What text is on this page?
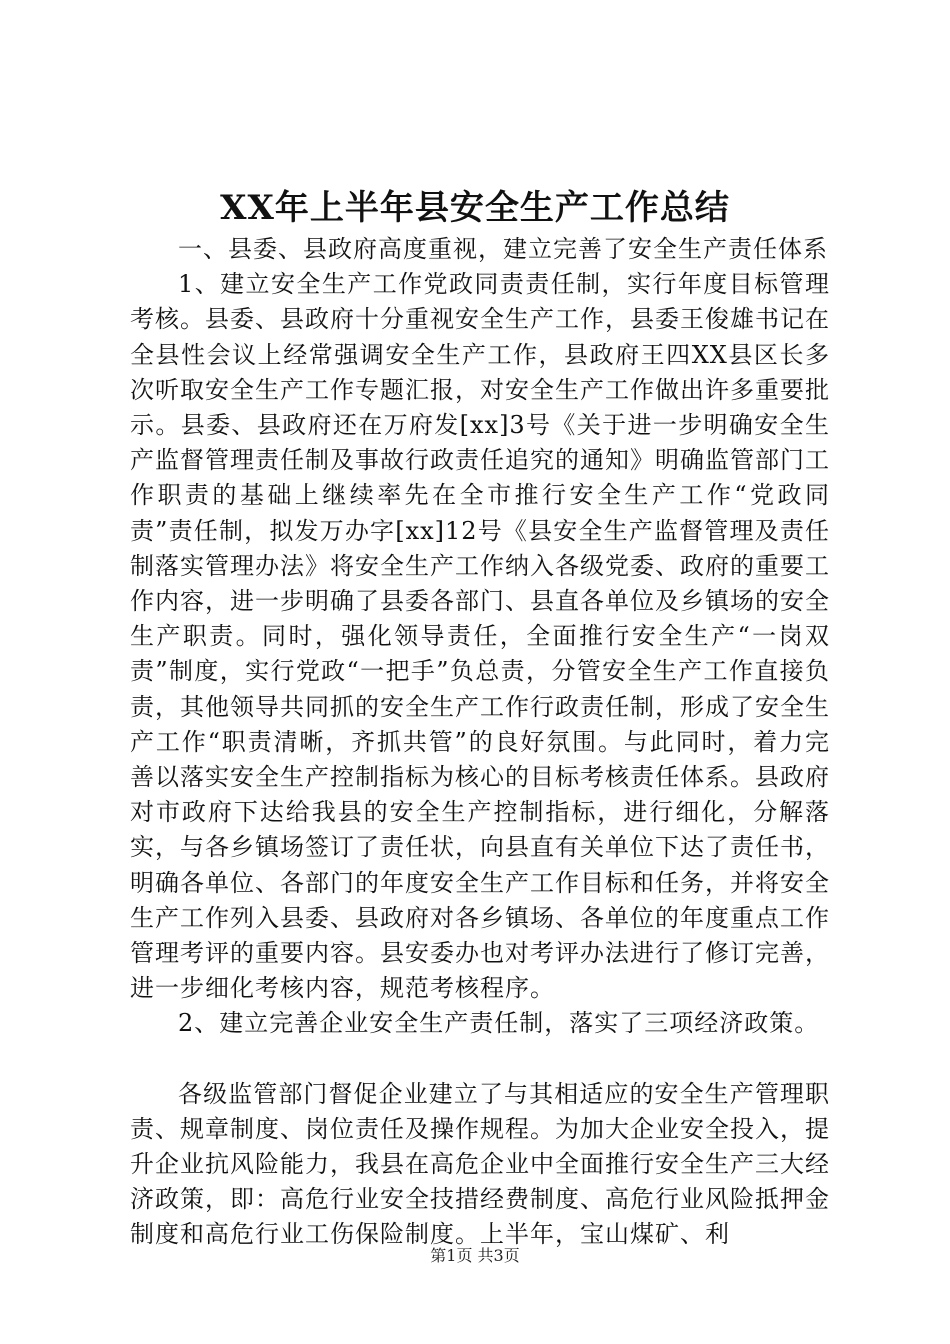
XX年上半年县安全生产工作总结

一、县委、县政府高度重视，建立完善了安全生产责任体系

1、建立安全生产工作党政同责责任制，实行年度目标管理考核。县委、县政府十分重视安全生产工作，县委王俊雄书记在全县性会议上经常强调安全生产工作，县政府王四XX县区长多次听取安全生产工作专题汇报，对安全生产工作做出许多重要批示。县委、县政府还在万府发[xx]3号《关于进一步明确安全生产监督管理责任制及事故行政责任追究的通知》明确监管部门工作职责的基础上继续率先在全市推行安全生产工作“党政同责”责任制，拟发万办字[xx]12号《县安全生产监督管理及责任制落实管理办法》将安全生产工作纳入各级党委、政府的重要工作内容，进一步明确了县委各部门、县直各单位及乡镇场的安全生产职责。同时，强化领导责任，全面推行安全生产“一岗双责”制度，实行党政“一把手”负总责，分管安全生产工作直接负责，其他领导共同抓的安全生产工作行政责任制，形成了安全生产工作“职责清晰，齐抓共管”的良好氛围。与此同时，着力完善以落实安全生产控制指标为核心的目标考核责任体系。县政府对市政府下达给我县的安全生产控制指标，进行细化，分解落实，与各乡镇场签订了责任状，向县直有关单位下达了责任书，明确各单位、各部门的年度安全生产工作目标和任务，并将安全生产工作列入县委、县政府对各乡镇场、各单位的年度重点工作管理考评的重要内容。县安委办也对考评办法进行了修订完善，进一步细化考核内容，规范考核程序。

2、建立完善企业安全生产责任制，落实了三项经济政策。

各级监管部门督促企业建立了与其相适应的安全生产管理职责、规章制度、岗位责任及操作规程。为加大企业安全投入，提升企业抗风险能力，我县在高危企业中全面推行安全生产三大经济政策，即：高危行业安全技措经费制度、高危行业风险抵押金制度和高危行业工伤保险制度。上半年，宝山煤矿、利

第1页 共3页
